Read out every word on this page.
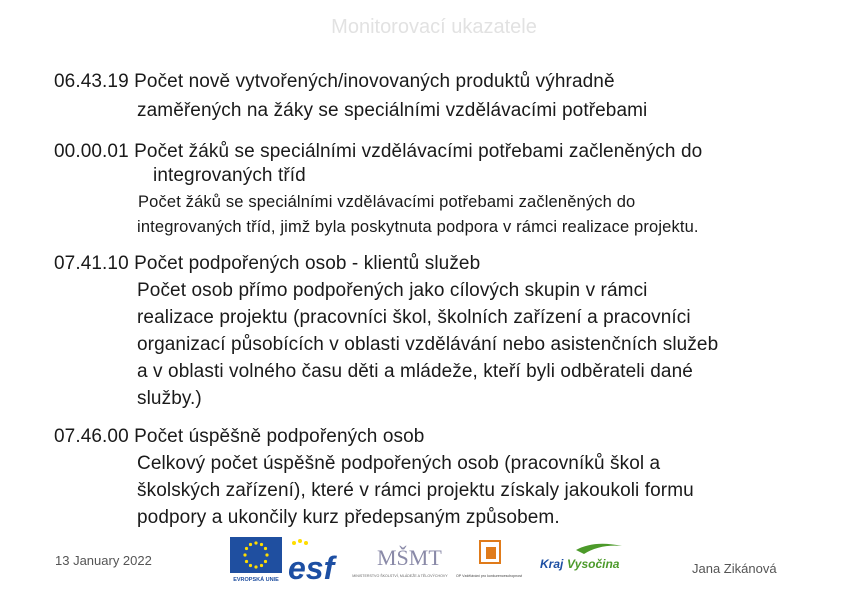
Monitorovací ukazatele
06.43.19 Počet nově vytvořených/inovovaných produktů výhradně
zaměřených na žáky se speciálními vzdělávacími potřebami
00.00.01 Počet žáků se speciálními vzdělávacími potřebami začleněných do
integrovaných tříd
Počet žáků se speciálními vzdělávacími potřebami začleněných do
integrovaných tříd, jimž byla poskytnuta podpora v rámci realizace projektu.
07.41.10 Počet podpořených osob - klientů služeb
Počet osob přímo podpořených jako cílových skupin v rámci
realizace projektu (pracovníci škol, školních zařízení a pracovníci
organizací působících v oblasti vzdělávání nebo asistenčních služeb
a v oblasti volného času děti a mládeže, kteří byli odběrateli dané
služby.)
07.46.00 Počet úspěšně podpořených osob
Celkový počet úspěšně podpořených osob (pracovníků škol a
školských zařízení), které v rámci projektu získaly jakoukoli formu
podpory a ukončily kurz předepsaným způsobem.
13 January 2022
Jana Zikánová
EVROPSKÁ UNIE esf MŠMT
MINISTERSTVO ŠKOLSTVÍ, MLÁDEŽE A TĚLOVÝCHOVY OP Vzdělávání pro konkurenceschopnost
Kraj Vysočina
